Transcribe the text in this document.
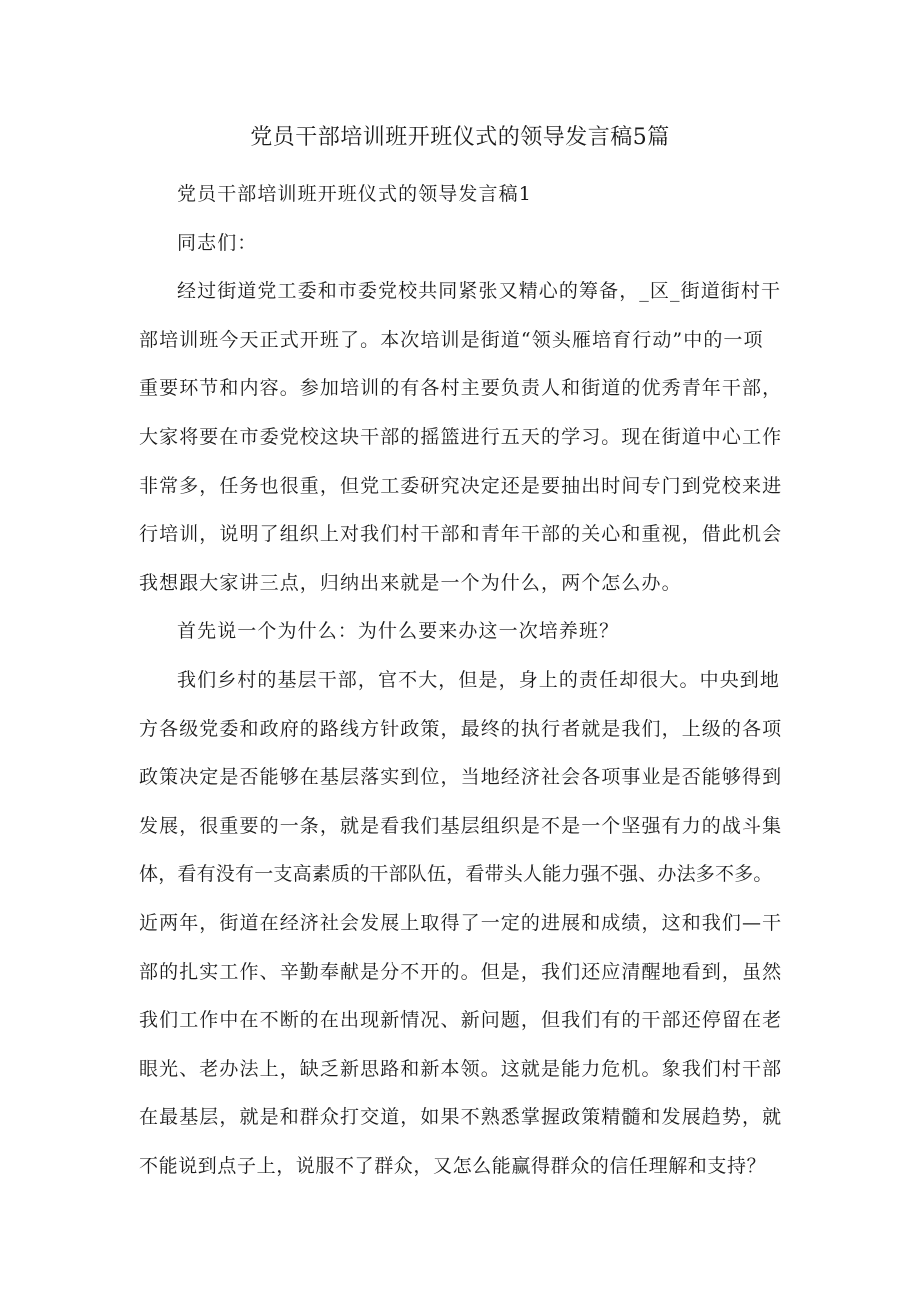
党员干部培训班开班仪式的领导发言稿5篇
党员干部培训班开班仪式的领导发言稿1
同志们：
经过街道党工委和市委党校共同紧张又精心的筹备，_区_街道街村干
部培训班今天正式开班了。本次培训是街道“领头雁培育行动”中的一项
重要环节和内容。参加培训的有各村主要负责人和街道的优秀青年干部，
大家将要在市委党校这块干部的摇篮进行五天的学习。现在街道中心工作
非常多，任务也很重，但党工委研究决定还是要抽出时间专门到党校来进
行培训，说明了组织上对我们村干部和青年干部的关心和重视，借此机会
我想跟大家讲三点，归纳出来就是一个为什么，两个怎么办。
首先说一个为什么：为什么要来办这一次培养班？
我们乡村的基层干部，官不大，但是，身上的责任却很大。中央到地
方各级党委和政府的路线方针政策，最终的执行者就是我们，上级的各项
政策决定是否能够在基层落实到位，当地经济社会各项事业是否能够得到
发展，很重要的一条，就是看我们基层组织是不是一个坚强有力的战斗集
体，看有没有一支高素质的干部队伍，看带头人能力强不强、办法多不多。
近两年，街道在经济社会发展上取得了一定的进展和成绩，这和我们—干
部的扎实工作、辛勤奉献是分不开的。但是，我们还应清醒地看到，虽然
我们工作中在不断的在出现新情况、新问题，但我们有的干部还停留在老
眼光、老办法上，缺乏新思路和新本领。这就是能力危机。象我们村干部
在最基层，就是和群众打交道，如果不熟悉掌握政策精髓和发展趋势，就
不能说到点子上，说服不了群众，又怎么能赢得群众的信任理解和支持？
